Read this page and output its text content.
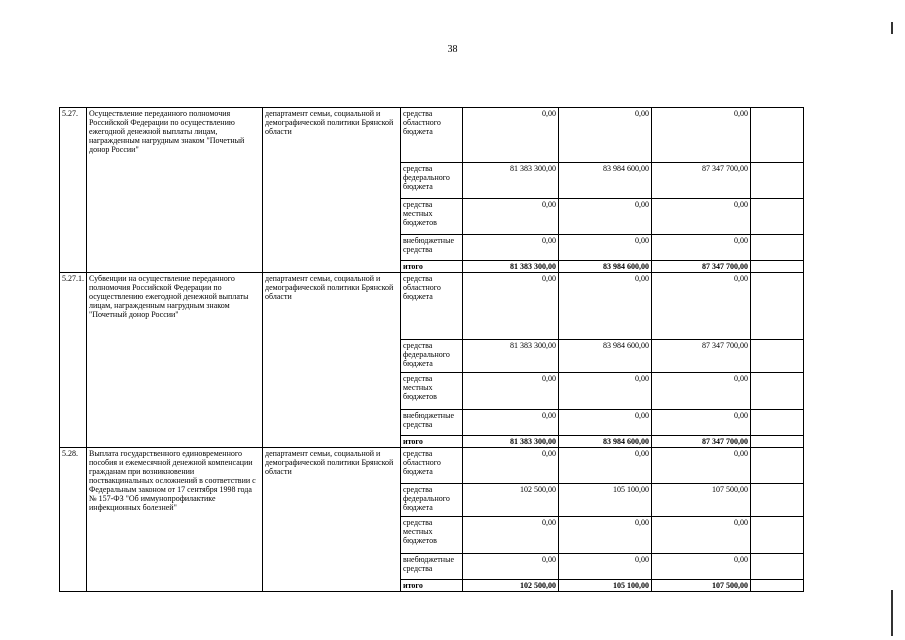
38
5.27.	Осуществление переданного полномочия Российской Федерации по осуществлению ежегодной денежной выплаты лицам, награжденным нагрудным знаком "Почетный донор России"	департамент семьи, социальной и демографической политики Брянской области	средства областного бюджета	0,00	0,00	0,00	
			средства федерального бюджета	81 383 300,00	83 984 600,00	87 347 700,00	
			средства местных бюджетов	0,00	0,00	0,00	
			внебюджетные средства	0,00	0,00	0,00	
			итого	81 383 300,00	83 984 600,00	87 347 700,00	
5.27.1.	Субвенции на осуществление переданного полномочия Российской Федерации по осуществлению ежегодной денежной выплаты лицам, награжденным нагрудным знаком "Почетный донор России"	департамент семьи, социальной и демографической политики Брянской области	средства областного бюджета	0,00	0,00	0,00	
			средства федерального бюджета	81 383 300,00	83 984 600,00	87 347 700,00	
			средства местных бюджетов	0,00	0,00	0,00	
			внебюджетные средства	0,00	0,00	0,00	
			итого	81 383 300,00	83 984 600,00	87 347 700,00	
5.28.	Выплата государственного единовременного пособия и ежемесячной денежной компенсации гражданам при возникновении поствакцинальных осложнений в соответствии с Федеральным законом от 17 сентября 1998 года № 157-ФЗ "Об иммунопрофилактике инфекционных болезней"	департамент семьи, социальной и демографической политики Брянской области	средства областного бюджета	0,00	0,00	0,00	
			средства федерального бюджета	102 500,00	105 100,00	107 500,00	
			средства местных бюджетов	0,00	0,00	0,00	
			внебюджетные средства	0,00	0,00	0,00	
			итого	102 500,00	105 100,00	107 500,00	
